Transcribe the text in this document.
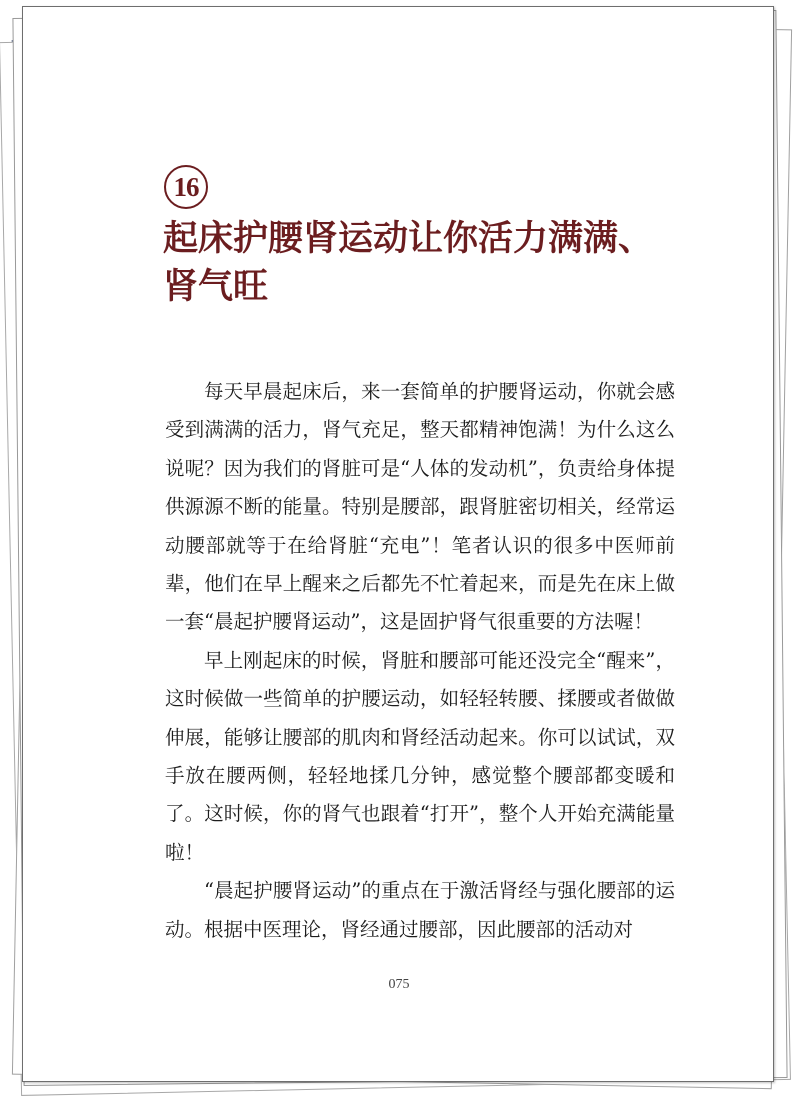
16
起床护腰肾运动让你活力满满、
肾气旺

每天早晨起床后，来一套简单的护腰肾运动，你就会感受到满满的活力，肾气充足，整天都精神饱满！为什么这么说呢？因为我们的肾脏可是“人体的发动机”，负责给身体提供源源不断的能量。特别是腰部，跟肾脏密切相关，经常运动腰部就等于在给肾脏“充电”！笔者认识的很多中医师前辈，他们在早上醒来之后都先不忙着起来，而是先在床上做一套“晨起护腰肾运动”，这是固护肾气很重要的方法喔！

早上刚起床的时候，肾脏和腰部可能还没完全“醒来”，这时候做一些简单的护腰运动，如轻轻转腰、揉腰或者做做伸展，能够让腰部的肌肉和肾经活动起来。你可以试试，双手放在腰两侧，轻轻地揉几分钟，感觉整个腰部都变暖和了。这时候，你的肾气也跟着“打开”，整个人开始充满能量啦！

“晨起护腰肾运动”的重点在于激活肾经与强化腰部的运动。根据中医理论，肾经通过腰部，因此腰部的活动对

075
